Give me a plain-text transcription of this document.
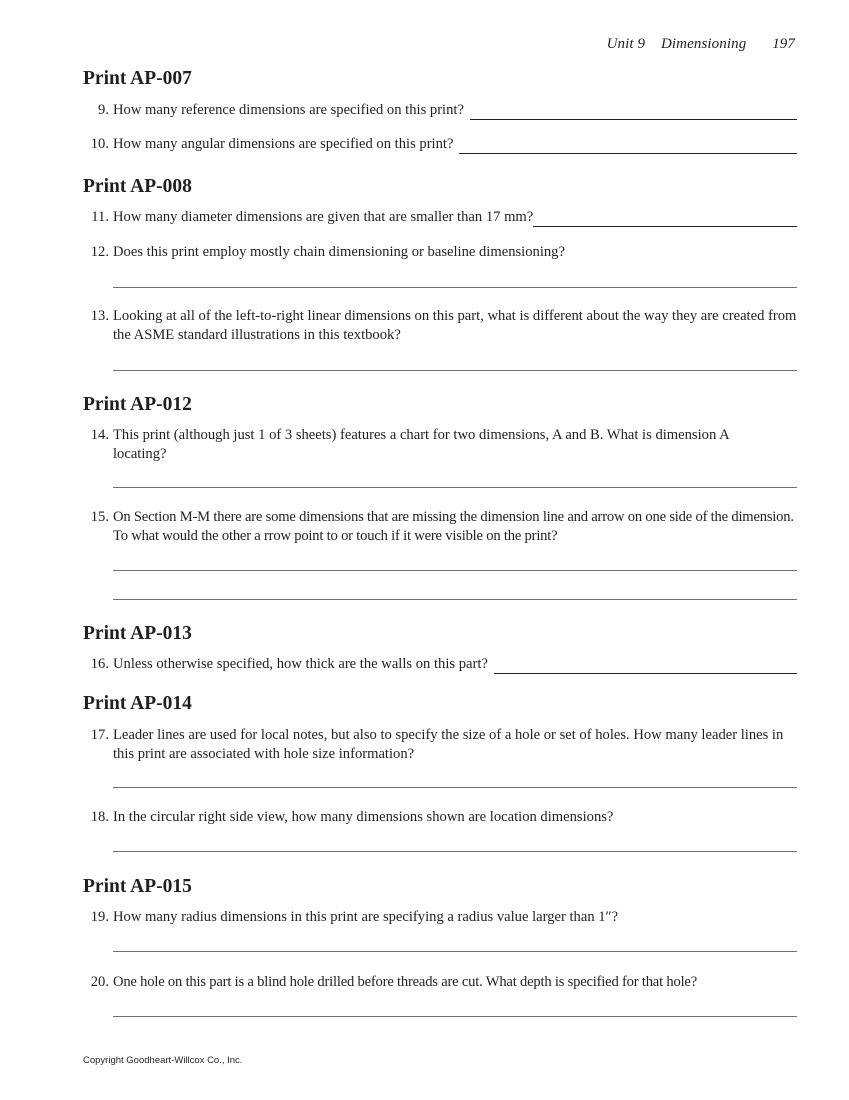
Unit 9 Dimensioning 197
Print AP-007
9. How many reference dimensions are specified on this print?
10. How many angular dimensions are specified on this print?
Print AP-008
11. How many diameter dimensions are given that are smaller than 17 mm?
12. Does this print employ mostly chain dimensioning or baseline dimensioning?
13. Looking at all of the left-to-right linear dimensions on this part, what is different about the way they are created from the ASME standard illustrations in this textbook?
Print AP-012
14. This print (although just 1 of 3 sheets) features a chart for two dimensions, A and B. What is dimension A locating?
15. On Section M-M there are some dimensions that are missing the dimension line and arrow on one side of the dimension. To what would the other a rrow point to or touch if it were visible on the print?
Print AP-013
16. Unless otherwise specified, how thick are the walls on this part?
Print AP-014
17. Leader lines are used for local notes, but also to specify the size of a hole or set of holes. How many leader lines in this print are associated with hole size information?
18. In the circular right side view, how many dimensions shown are location dimensions?
Print AP-015
19. How many radius dimensions in this print are specifying a radius value larger than 1″?
20. One hole on this part is a blind hole drilled before threads are cut. What depth is specified for that hole?
Copyright Goodheart-Willcox Co., Inc.
